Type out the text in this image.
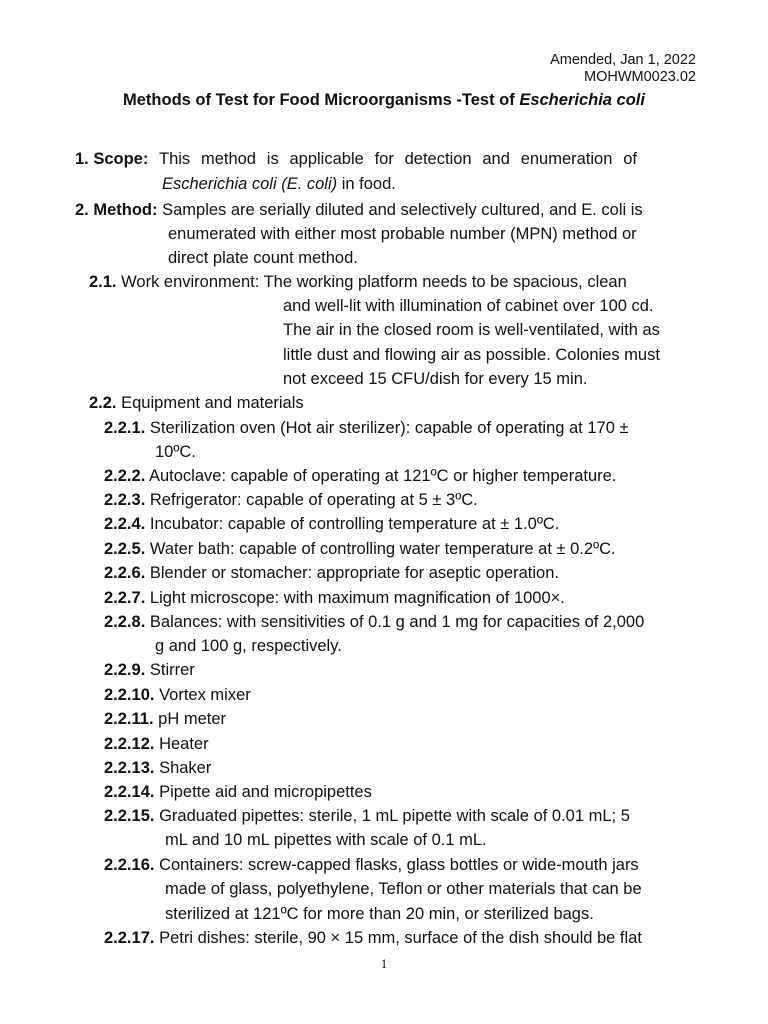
Amended, Jan 1, 2022
MOHWM0023.02
Methods of Test for Food Microorganisms -Test of Escherichia coli
1. Scope: This method is applicable for detection and enumeration of
Escherichia coli (E. coli) in food.
2. Method: Samples are serially diluted and selectively cultured, and E. coli is
enumerated with either most probable number (MPN) method or
direct plate count method.
2.1. Work environment: The working platform needs to be spacious, clean
and well-lit with illumination of cabinet over 100 cd.
The air in the closed room is well-ventilated, with as
little dust and flowing air as possible. Colonies must
not exceed 15 CFU/dish for every 15 min.
2.2. Equipment and materials
2.2.1. Sterilization oven (Hot air sterilizer): capable of operating at 170 ±
10ºC.
2.2.2. Autoclave: capable of operating at 121ºC or higher temperature.
2.2.3. Refrigerator: capable of operating at 5 ± 3ºC.
2.2.4. Incubator: capable of controlling temperature at ± 1.0ºC.
2.2.5. Water bath: capable of controlling water temperature at ± 0.2ºC.
2.2.6. Blender or stomacher: appropriate for aseptic operation.
2.2.7. Light microscope: with maximum magnification of 1000×.
2.2.8. Balances: with sensitivities of 0.1 g and 1 mg for capacities of 2,000
g and 100 g, respectively.
2.2.9. Stirrer
2.2.10. Vortex mixer
2.2.11. pH meter
2.2.12. Heater
2.2.13. Shaker
2.2.14. Pipette aid and micropipettes
2.2.15. Graduated pipettes: sterile, 1 mL pipette with scale of 0.01 mL; 5
mL and 10 mL pipettes with scale of 0.1 mL.
2.2.16. Containers: screw-capped flasks, glass bottles or wide-mouth jars
made of glass, polyethylene, Teflon or other materials that can be
sterilized at 121ºC for more than 20 min, or sterilized bags.
2.2.17. Petri dishes: sterile, 90 × 15 mm, surface of the dish should be flat
1
